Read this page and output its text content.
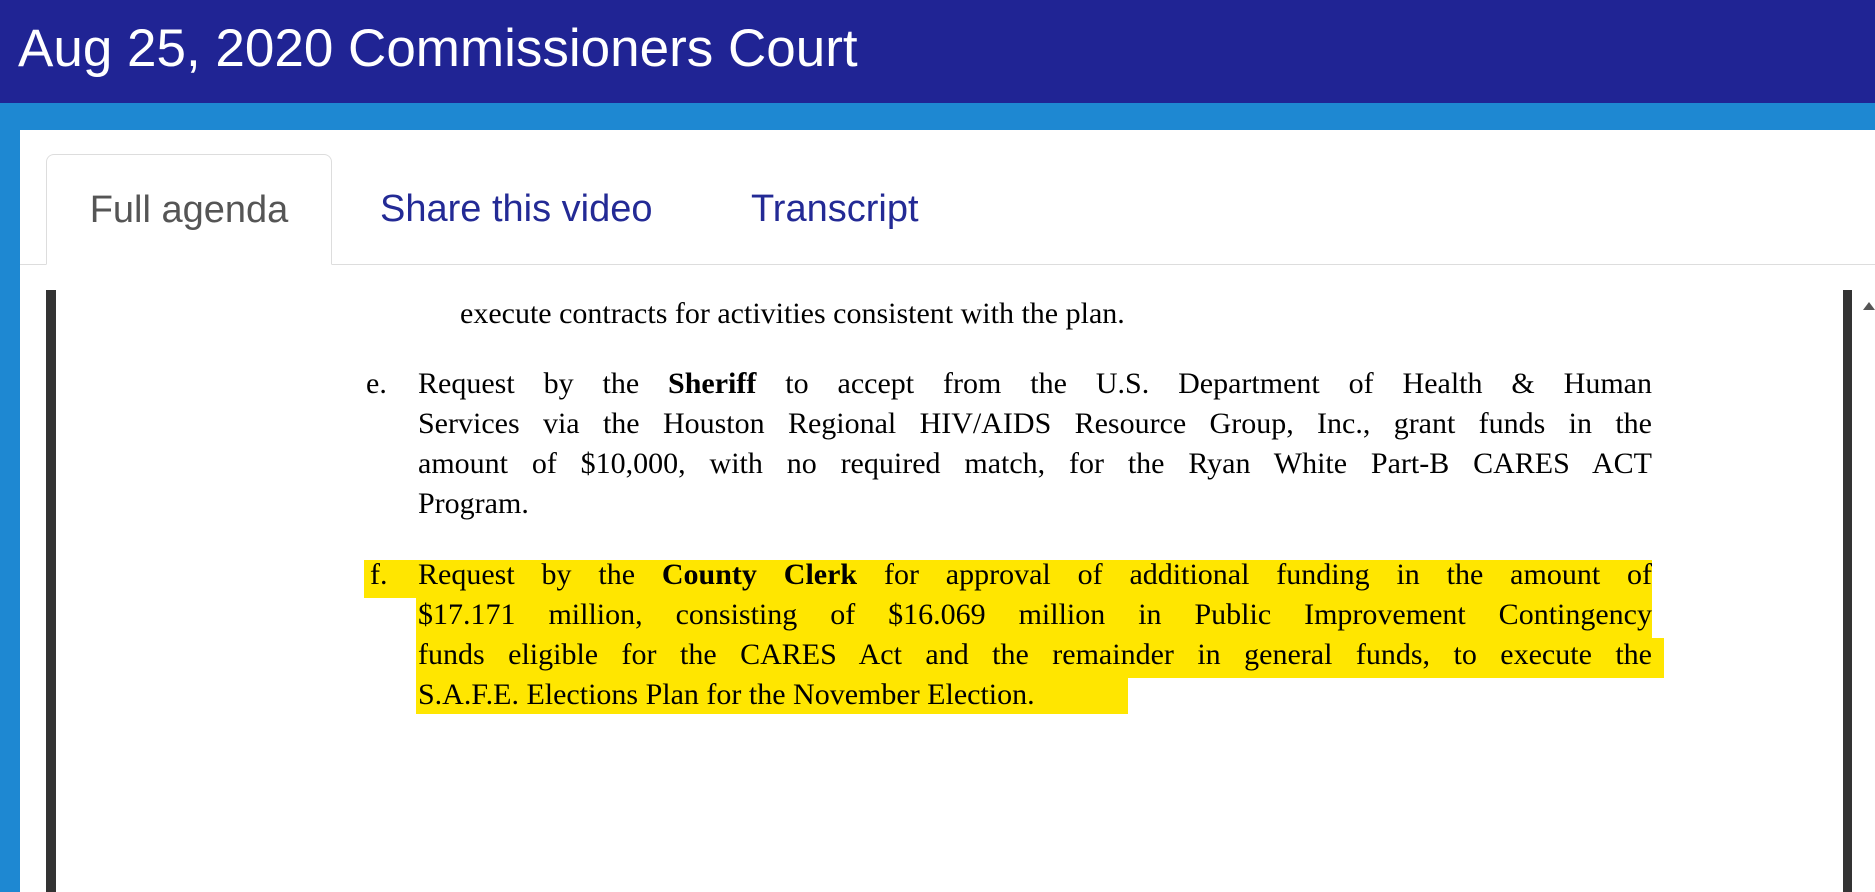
Aug 25, 2020 Commissioners Court
Full agenda	Share this video	Transcript
execute contracts for activities consistent with the plan.
e. Request by the Sheriff to accept from the U.S. Department of Health & Human
Services via the Houston Regional HIV/AIDS Resource Group, Inc., grant funds in the
amount of $10,000, with no required match, for the Ryan White Part-B CARES ACT
Program.
f. Request by the County Clerk for approval of additional funding in the amount of
$17.171 million, consisting of $16.069 million in Public Improvement Contingency
funds eligible for the CARES Act and the remainder in general funds, to execute the
S.A.F.E. Elections Plan for the November Election.
